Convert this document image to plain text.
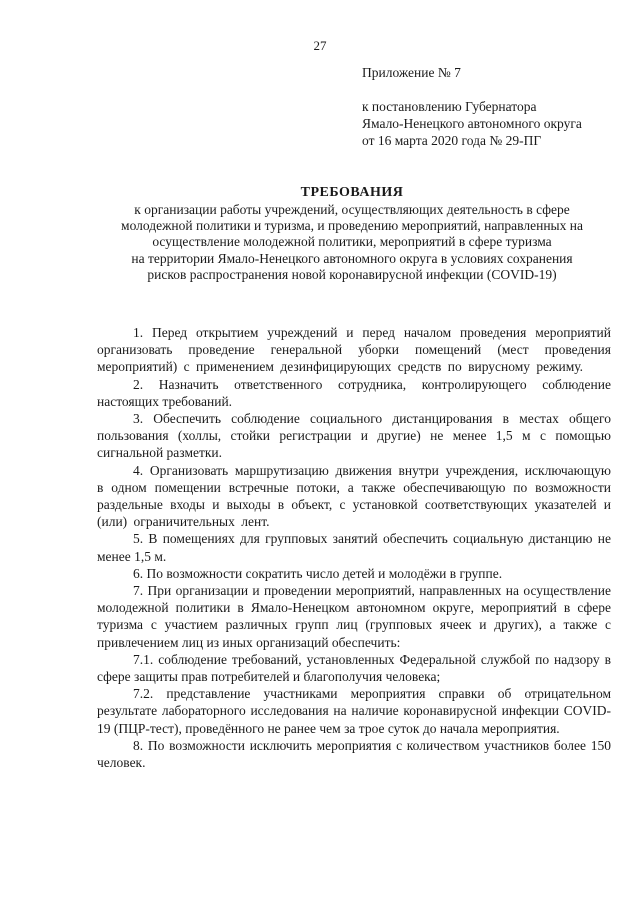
27
Приложение № 7
к постановлению Губернатора
Ямало-Ненецкого автономного округа
от 16 марта 2020 года № 29-ПГ
ТРЕБОВАНИЯ
к организации работы учреждений, осуществляющих деятельность в сфере
молодежной политики и туризма, и проведению мероприятий, направленных на
осуществление молодежной политики, мероприятий в сфере туризма
на территории Ямало-Ненецкого автономного округа в условиях сохранения
рисков распространения новой коронавирусной инфекции (COVID-19)

1. Перед открытием учреждений и перед началом проведения мероприятий организовать проведение генеральной уборки помещений (мест проведения мероприятий) с применением дезинфицирующих средств по вирусному режиму.

2. Назначить ответственного сотрудника, контролирующего соблюдение настоящих требований.

3. Обеспечить соблюдение социального дистанцирования в местах общего пользования (холлы, стойки регистрации и другие) не менее 1,5 м с помощью сигнальной разметки.

4. Организовать маршрутизацию движения внутри учреждения, исключающую в одном помещении встречные потоки, а также обеспечивающую по возможности раздельные входы и выходы в объект, с установкой соответствующих указателей и (или) ограничительных лент.

5. В помещениях для групповых занятий обеспечить социальную дистанцию не менее 1,5 м.

6. По возможности сократить число детей и молодёжи в группе.

7. При организации и проведении мероприятий, направленных на осуществление молодежной политики в Ямало-Ненецком автономном округе, мероприятий в сфере туризма с участием различных групп лиц (групповых ячеек и других), а также с привлечением лиц из иных организаций обеспечить:

7.1. соблюдение требований, установленных Федеральной службой по надзору в сфере защиты прав потребителей и благополучия человека;

7.2. представление участниками мероприятия справки об отрицательном результате лабораторного исследования на наличие коронавирусной инфекции COVID-19 (ПЦР-тест), проведённого не ранее чем за трое суток до начала мероприятия.

8. По возможности исключить мероприятия с количеством участников более 150 человек.
